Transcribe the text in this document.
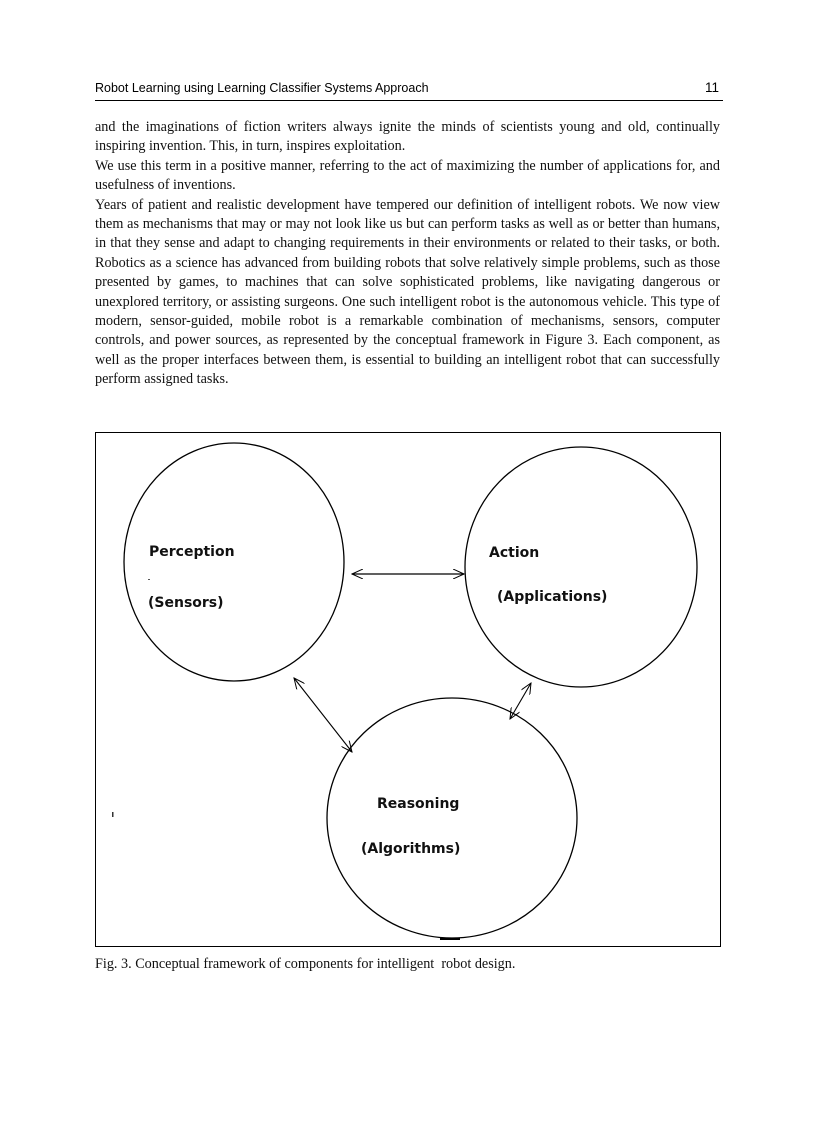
Robot Learning using Learning Classifier Systems Approach	11

and the imaginations of fiction writers always ignite the minds of scientists young and old, continually inspiring invention. This, in turn, inspires exploitation.

We use this term in a positive manner, referring to the act of maximizing the number of applications for, and usefulness of inventions.

Years of patient and realistic development have tempered our definition of intelligent robots. We now view them as mechanisms that may or may not look like us but can perform tasks as well as or better than humans, in that they sense and adapt to changing requirements in their environments or related to their tasks, or both. Robotics as a science has advanced from building robots that solve relatively simple problems, such as those presented by games, to machines that can solve sophisticated problems, like navigating dangerous or unexplored territory, or assisting surgeons. One such intelligent robot is the autonomous vehicle. This type of modern, sensor-guided, mobile robot is a remarkable combination of mechanisms, sensors, computer controls, and power sources, as represented by the conceptual framework in Figure 3. Each component, as well as the proper interfaces between them, is essential to building an intelligent robot that can successfully perform assigned tasks.

Perception
(Sensors)
Action
(Applications)
Reasoning
(Algorithms)
Fig. 3. Conceptual framework of components for intelligent  robot design.
